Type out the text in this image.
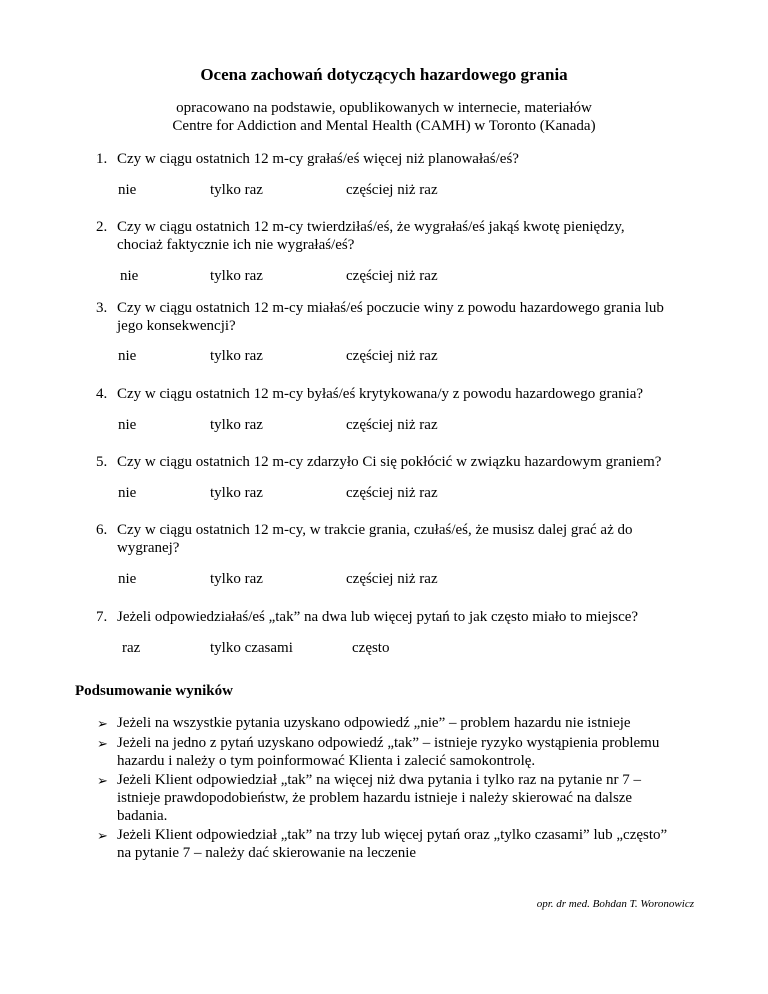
Ocena zachowań dotyczących hazardowego grania
opracowano na podstawie, opublikowanych w internecie, materiałów
Centre for Addiction and Mental Health (CAMH) w Toronto (Kanada)
1. Czy w ciągu ostatnich 12 m-cy grałaś/eś więcej niż planowałaś/eś?
nie	tylko raz	częściej niż raz
2. Czy w ciągu ostatnich 12 m-cy twierdziłaś/eś, że wygrałaś/eś jakąś kwotę pieniędzy,
chociaż faktycznie ich nie wygrałaś/eś?
nie	tylko raz	częściej niż raz
3. Czy w ciągu ostatnich 12 m-cy miałaś/eś poczucie winy z powodu hazardowego grania lub
jego konsekwencji?
nie	tylko raz	częściej niż raz
4. Czy w ciągu ostatnich 12 m-cy byłaś/eś krytykowana/y z powodu hazardowego grania?
nie	tylko raz	częściej niż raz
5. Czy w ciągu ostatnich 12 m-cy zdarzyło Ci się pokłócić w związku hazardowym graniem?
nie	tylko raz	częściej niż raz
6. Czy w ciągu ostatnich 12 m-cy, w trakcie grania, czułaś/eś, że musisz dalej grać aż do
wygranej?
nie	tylko raz	częściej niż raz
7. Jeżeli odpowiedziałaś/eś „tak” na dwa lub więcej pytań to jak często miało to miejsce?
raz	tylko czasami	często
Podsumowanie wyników
➢ Jeżeli na wszystkie pytania uzyskano odpowiedź „nie” – problem hazardu nie istnieje
➢ Jeżeli na jedno z pytań uzyskano odpowiedź „tak” – istnieje ryzyko wystąpienia problemu
hazardu i należy o tym poinformować Klienta i zalecić samokontrolę.
➢ Jeżeli Klient odpowiedział „tak” na więcej niż dwa pytania i tylko raz na pytanie nr 7 –
istnieje prawdopodobieństw, że problem hazardu istnieje i należy skierować na dalsze
badania.
➢ Jeżeli Klient odpowiedział „tak” na trzy lub więcej pytań oraz „tylko czasami” lub „często”
na pytanie 7 – należy dać skierowanie na leczenie
opr. dr med. Bohdan T. Woronowicz
